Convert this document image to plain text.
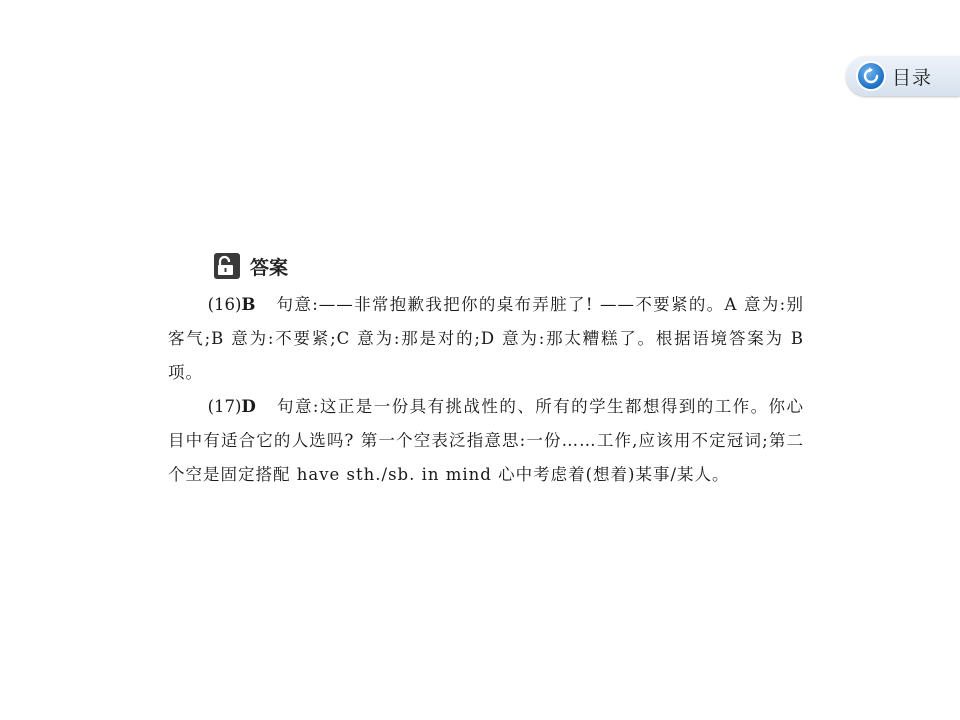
目录
答案

(16)B 句意:——非常抱歉我把你的桌布弄脏了! ——不要紧的。A 意为:别客气;B 意为:不要紧;C 意为:那是对的;D 意为:那太糟糕了。根据语境答案为 B 项。

(17)D 句意:这正是一份具有挑战性的、所有的学生都想得到的工作。你心目中有适合它的人选吗? 第一个空表泛指意思:一份……工作,应该用不定冠词;第二个空是固定搭配 have sth./sb. in mind 心中考虑着(想着)某事/某人。
